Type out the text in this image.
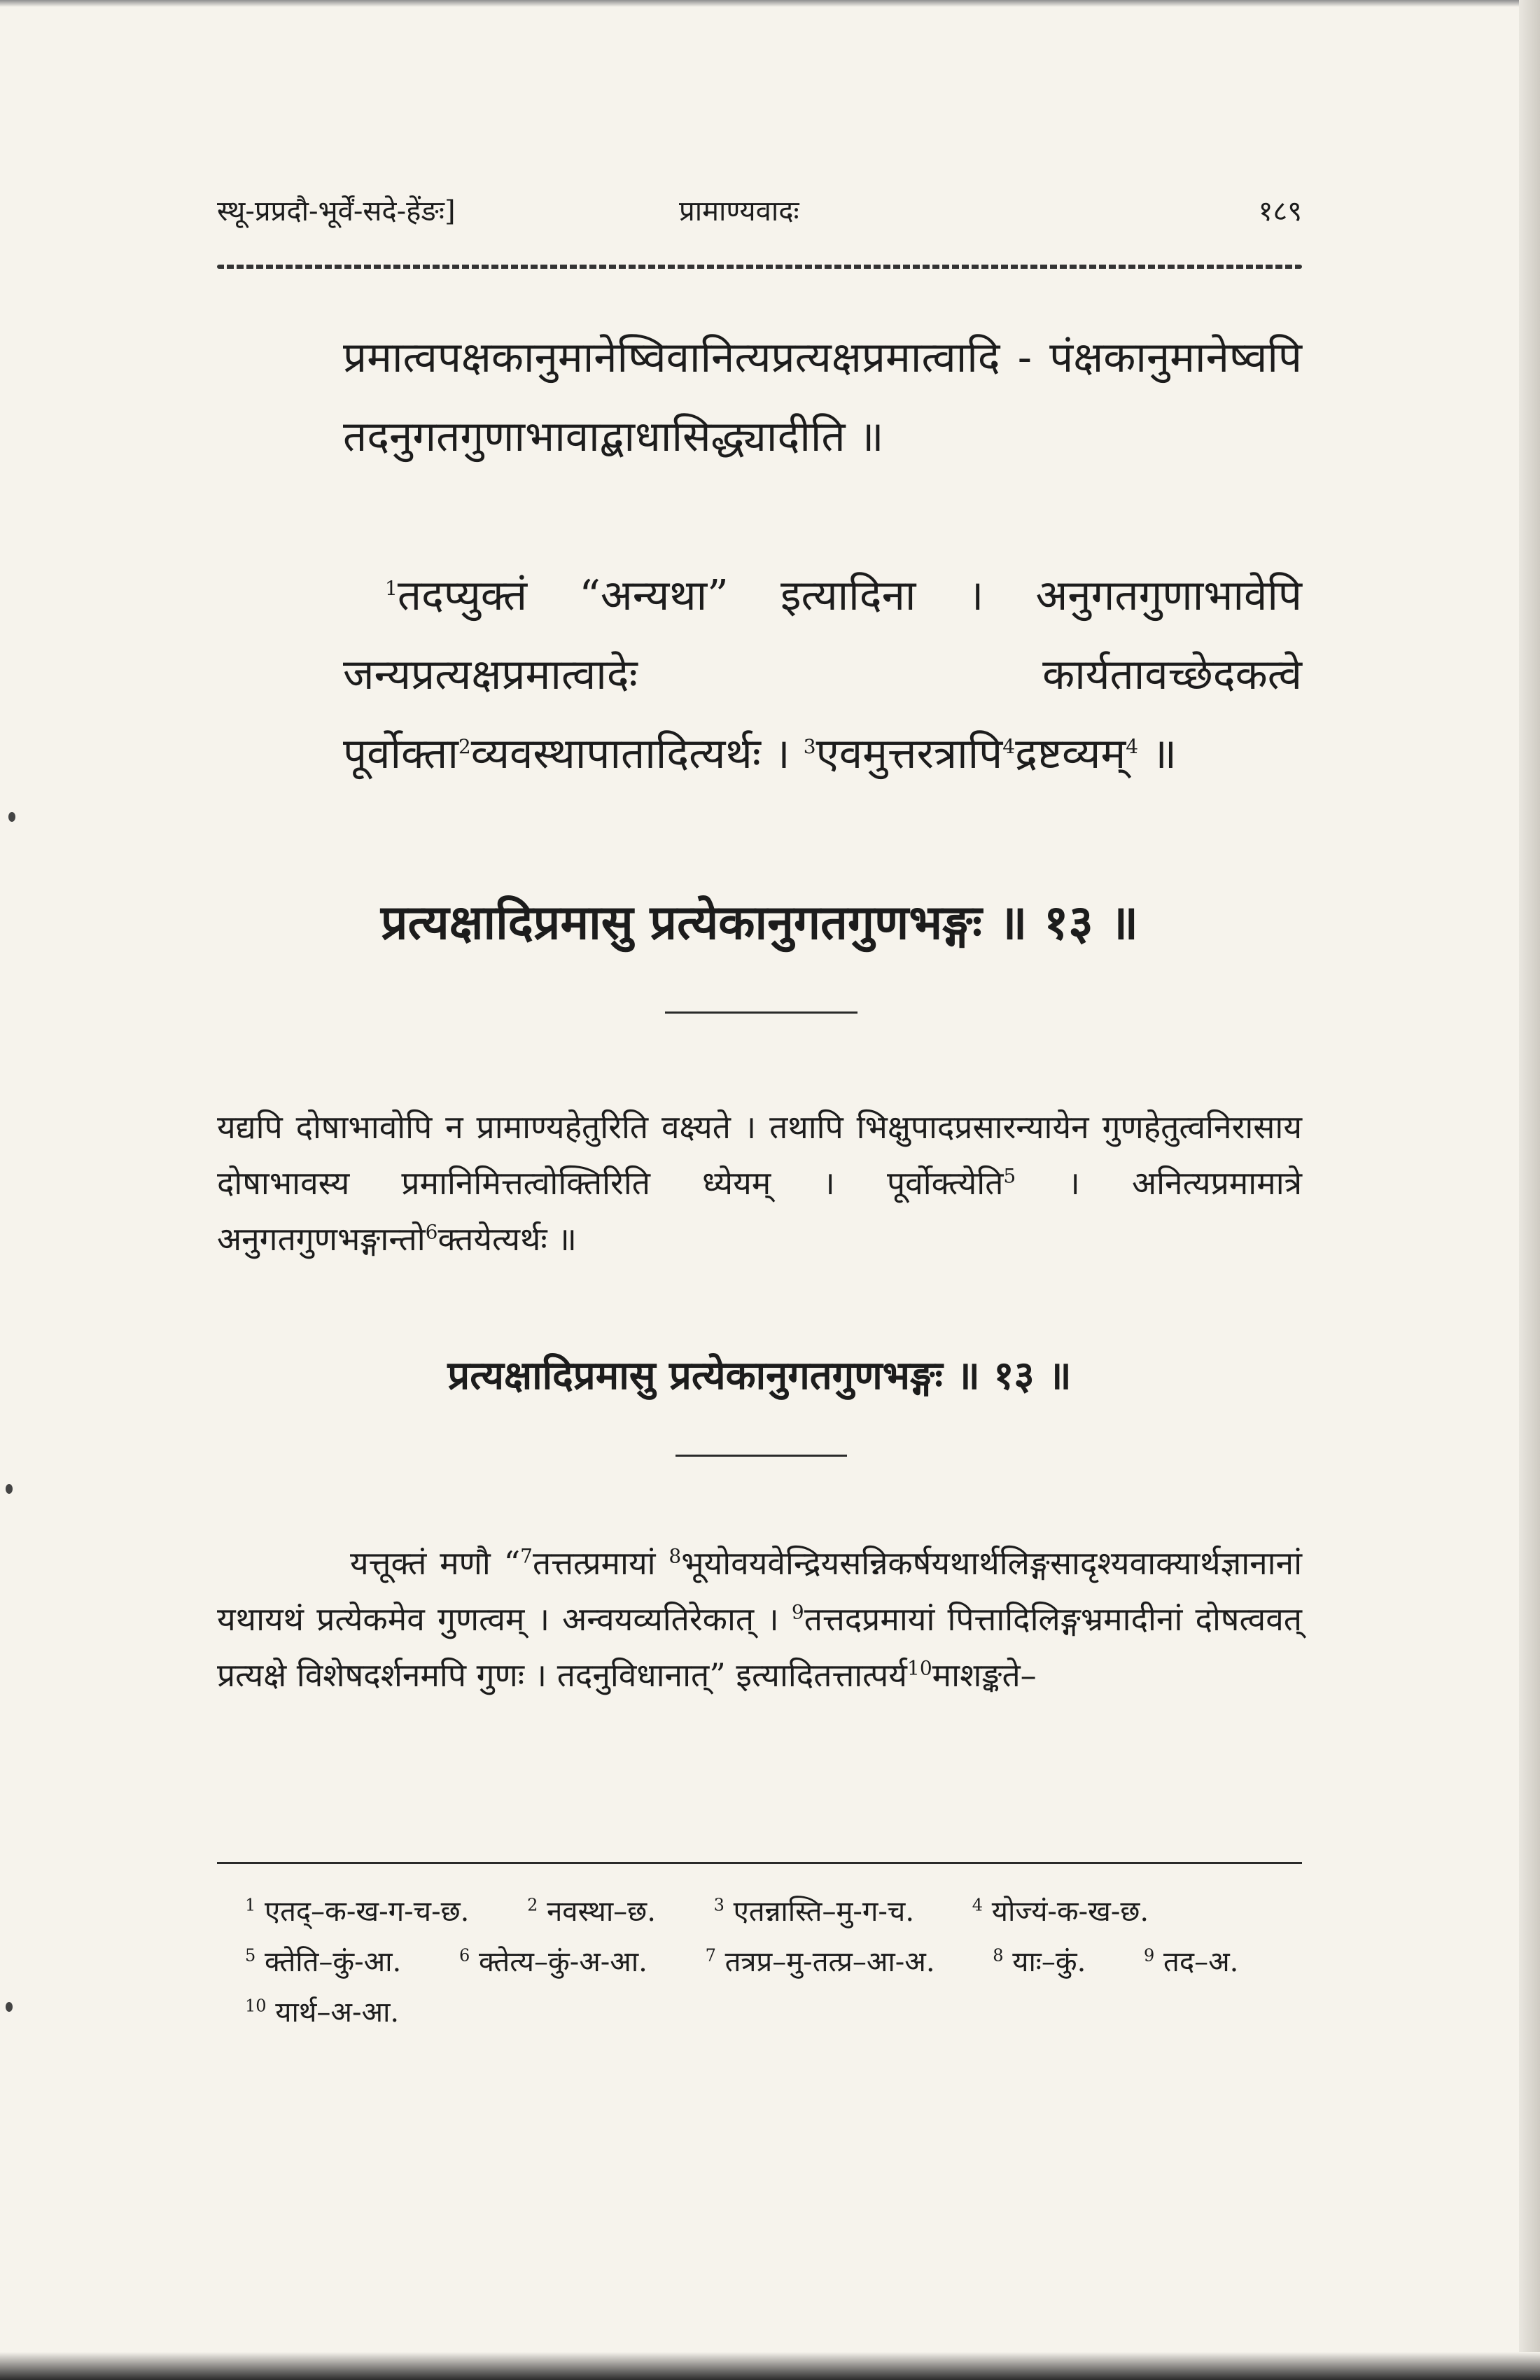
स्थू-प्रप्रदौ-भूर्वें-सदे-हेंङः]	प्रामाण्यवादः	१८९

प्रमात्वपक्षकानुमानेष्विवानित्यप्रत्यक्षप्रमात्वादि - पंक्षकानुमानेष्वपि तदनुगतगुणाभावाद्बाधासिद्ध्यादीति ॥

$^1$तदप्युक्तं “अन्यथा” इत्यादिना । अनुगतगुणाभावेपि जन्यप्रत्यक्षप्रमात्वादेः कार्यतावच्छेदकत्वे पूर्वोक्ता$^2$व्यवस्थापातादित्यर्थः । $^3$एवमुत्तरत्रापि$^4$द्रष्टव्यम्$^4$ ॥

प्रत्यक्षादिप्रमासु प्रत्येकानुगतगुणभङ्गः ॥ १३ ॥

यद्यपि दोषाभावोपि न प्रामाण्यहेतुरिति वक्ष्यते । तथापि भिक्षुपादप्रसारन्यायेन गुणहेतुत्वनिरासाय दोषाभावस्य प्रमानिमित्तत्वोक्तिरिति ध्येयम् । पूर्वोक्त्येति$^5$ । अनित्यप्रमामात्रे अनुगतगुणभङ्गान्तो$^6$क्तयेत्यर्थः ॥

प्रत्यक्षादिप्रमासु प्रत्येकानुगतगुणभङ्गः ॥ १३ ॥

यत्तूक्तं मणौ “$^7$तत्तत्प्रमायां $^8$भूयोवयवेन्द्रियसन्निकर्षयथार्थलिङ्गसादृश्यवाक्यार्थज्ञानानां यथायथं प्रत्येकमेव गुणत्वम् । अन्वयव्यतिरेकात् । $^9$तत्तदप्रमायां पित्तादिलिङ्गभ्रमादीनां दोषत्ववत् प्रत्यक्षे विशेषदर्शनमपि गुणः । तदनुविधानात्” इत्यादितत्तात्पर्य$^{10}$माशङ्कते–

$^1$ एतद्–क-ख-ग-च-छ.	$^2$ नवस्था–छ.	$^3$ एतन्नास्ति–मु-ग-च.	$^4$ योज्यं-क-ख-छ. $^5$ क्तेति–कुं-आ.	$^6$ क्तेत्य–कुं-अ-आ.	$^7$ तत्रप्र–मु-तत्प्र–आ-अ.	$^8$ याः–कुं.	$^9$ तद–अ. $^{10}$ यार्थ–अ-आ.
